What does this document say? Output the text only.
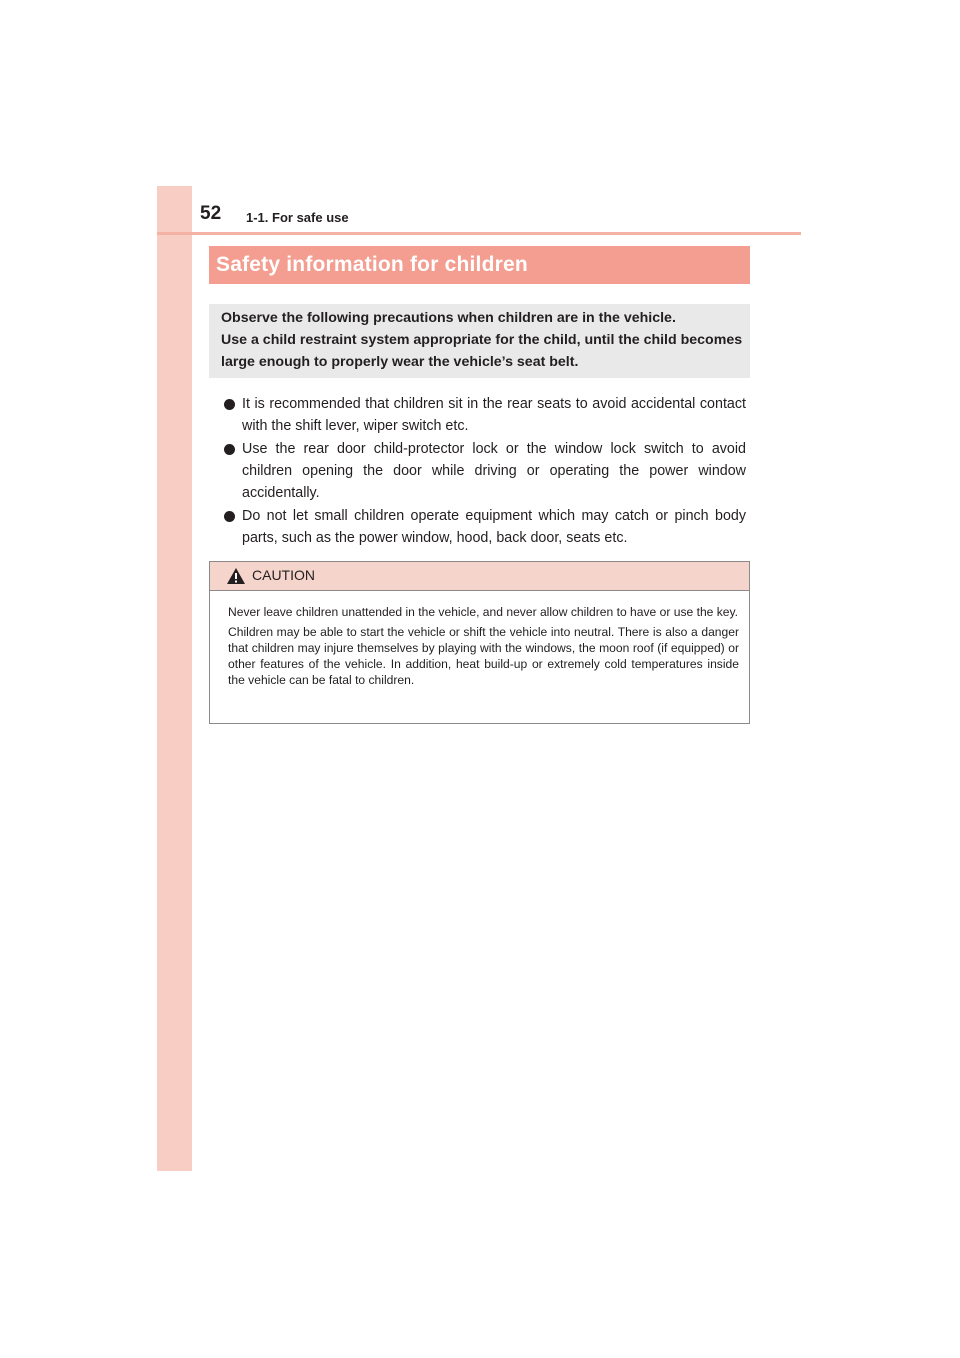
52 1-1. For safe use
Safety information for children

Observe the following precautions when children are in the vehicle.

Use a child restraint system appropriate for the child, until the child becomes

large enough to properly wear the vehicle’s seat belt.

It is recommended that children sit in the rear seats to avoid accidental contact with the shift lever, wiper switch etc.
Use the rear door child-protector lock or the window lock switch to avoid children opening the door while driving or operating the power window accidentally.
Do not let small children operate equipment which may catch or pinch body parts, such as the power window, hood, back door, seats etc.
CAUTION

Never leave children unattended in the vehicle, and never allow children to have or use the key.

Children may be able to start the vehicle or shift the vehicle into neutral. There is also a danger that children may injure themselves by playing with the windows, the moon roof (if equipped) or other features of the vehicle. In addition, heat build-up or extremely cold temperatures inside the vehicle can be fatal to children.
